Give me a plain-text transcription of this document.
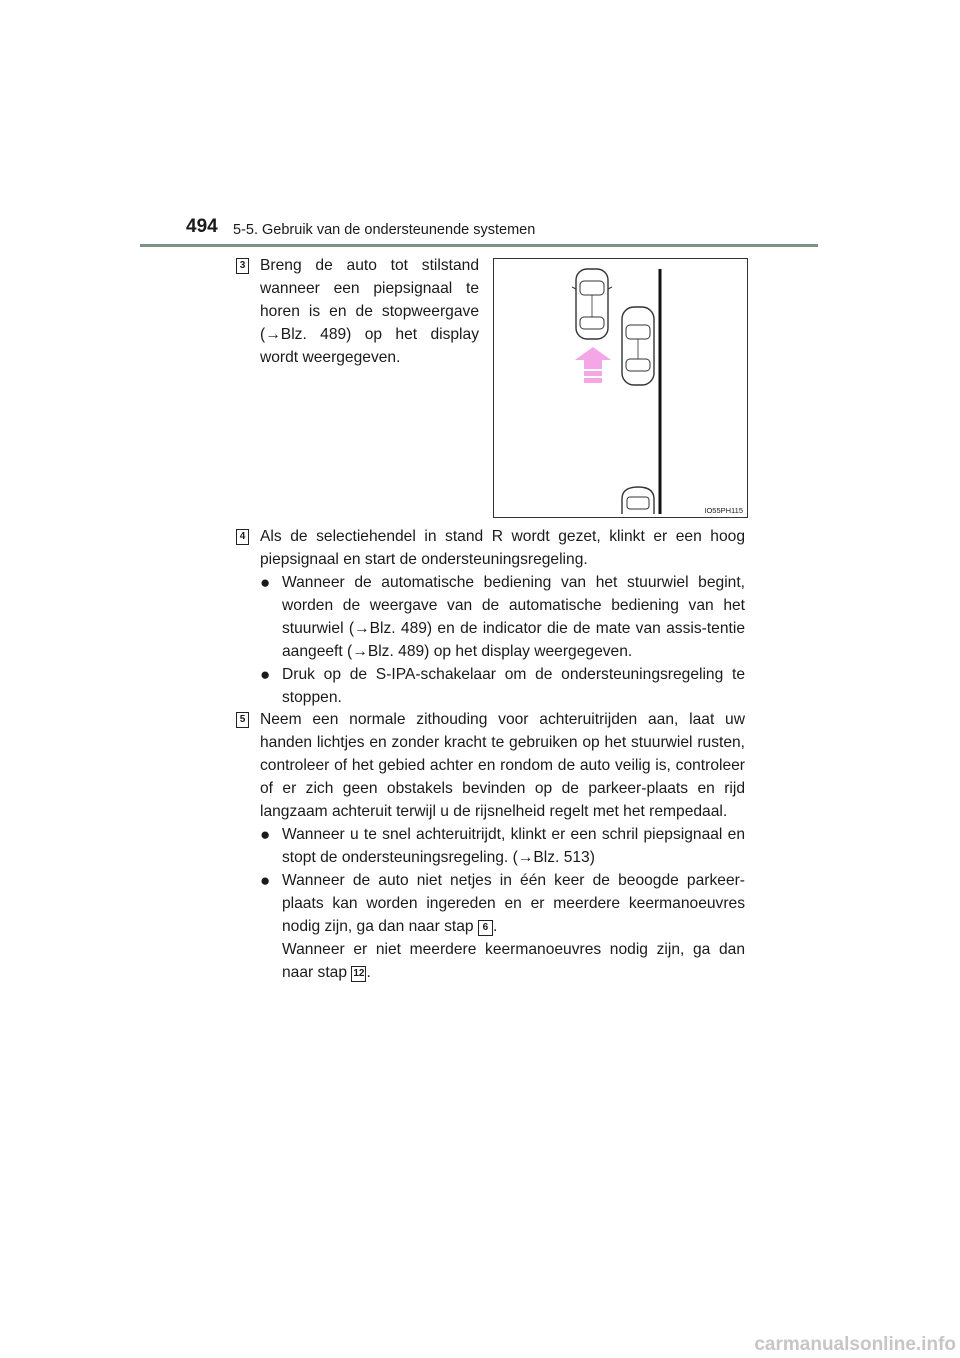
494 5-5. Gebruik van de ondersteunende systemen
3 Breng de auto tot stilstand wanneer een piepsignaal te horen is en de stopweergave (→Blz. 489) op het display wordt weergegeven.
IO55PH115
4 Als de selectiehendel in stand R wordt gezet, klinkt er een hoog piepsignaal en start de ondersteuningsregeling.
● Wanneer de automatische bediening van het stuurwiel begint, worden de weergave van de automatische bediening van het stuurwiel (→Blz. 489) en de indicator die de mate van assis-tentie aangeeft (→Blz. 489) op het display weergegeven.
● Druk op de S-IPA-schakelaar om de ondersteuningsregeling te stoppen.
5 Neem een normale zithouding voor achteruitrijden aan, laat uw handen lichtjes en zonder kracht te gebruiken op het stuurwiel rusten, controleer of het gebied achter en rondom de auto veilig is, controleer of er zich geen obstakels bevinden op de parkeer-plaats en rijd langzaam achteruit terwijl u de rijsnelheid regelt met het rempedaal.
● Wanneer u te snel achteruitrijdt, klinkt er een schril piepsignaal en stopt de ondersteuningsregeling. (→Blz. 513)
● Wanneer de auto niet netjes in één keer de beoogde parkeer-plaats kan worden ingereden en er meerdere keermanoeuvres nodig zijn, ga dan naar stap 6 .
Wanneer er niet meerdere keermanoeuvres nodig zijn, ga dan naar stap 12 .
carmanualsonline.info
